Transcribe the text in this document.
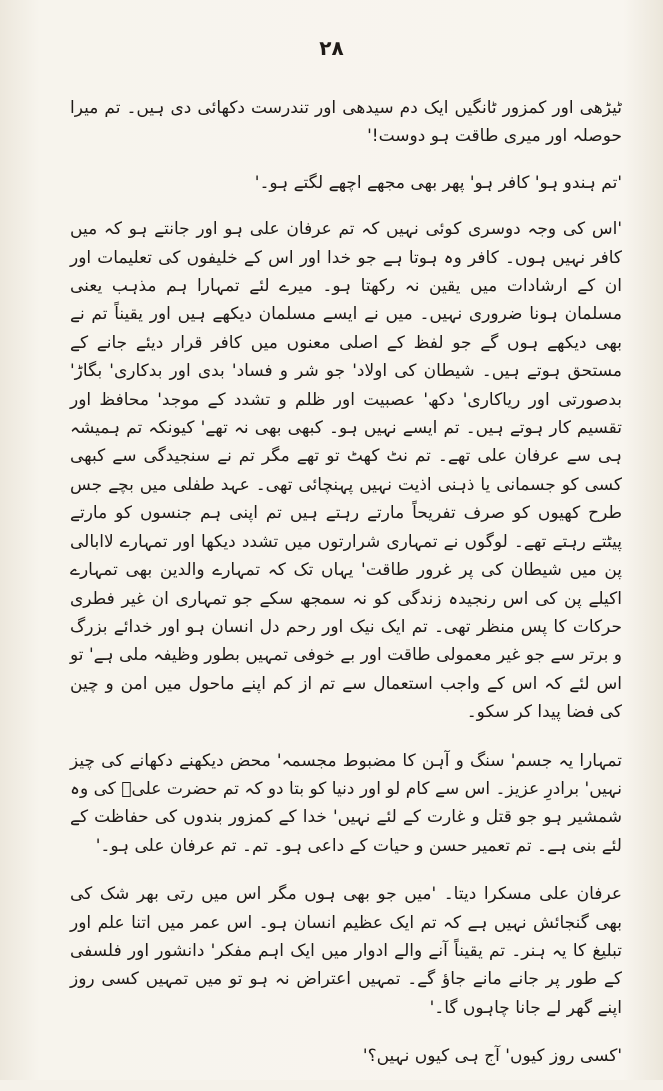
۲۸

ٹیڑھی اور کمزور ٹانگیں ایک دم سیدھی اور تندرست دکھائی دی ہیں۔ تم میرا حوصلہ اور میری طاقت ہو دوست!'

'تم ہندو ہو' کافر ہو' پھر بھی مجھے اچھے لگتے ہو۔'

'اس کی وجہ دوسری کوئی نہیں کہ تم عرفان علی ہو اور جانتے ہو کہ میں کافر نہیں ہوں۔ کافر وہ ہوتا ہے جو خدا اور اس کے خلیفوں کی تعلیمات اور ان کے ارشادات میں یقین نہ رکھتا ہو۔ میرے لئے تمہارا ہم مذہب یعنی مسلمان ہونا ضروری نہیں۔ میں نے ایسے مسلمان دیکھے ہیں اور یقیناً تم نے بھی دیکھے ہوں گے جو لفظ کے اصلی معنوں میں کافر قرار دیئے جانے کے مستحق ہوتے ہیں۔ شیطان کی اولاد' جو شر و فساد' بدی اور بدکاری' بگاڑ' بدصورتی اور ریاکاری' دکھ' عصبیت اور ظلم و تشدد کے موجد' محافظ اور تقسیم کار ہوتے ہیں۔ تم ایسے نہیں ہو۔ کبھی بھی نہ تھے' کیونکہ تم ہمیشہ ہی سے عرفان علی تھے۔ تم نٹ کھٹ تو تھے مگر تم نے سنجیدگی سے کبھی کسی کو جسمانی یا ذہنی اذیت نہیں پہنچائی تھی۔ عہد طفلی میں بچے جس طرح کھیوں کو صرف تفریحاً مارتے رہتے ہیں تم اپنی ہم جنسوں کو مارتے پیٹتے رہتے تھے۔ لوگوں نے تمہاری شرارتوں میں تشدد دیکھا اور تمہارے لاابالی پن میں شیطان کی پر غرور طاقت' یہاں تک کہ تمہارے والدین بھی تمہارے اکیلے پن کی اس رنجیدہ زندگی کو نہ سمجھ سکے جو تمہاری ان غیر فطری حرکات کا پس منظر تھی۔ تم ایک نیک اور رحم دل انسان ہو اور خدائے بزرگ و برتر سے جو غیر معمولی طاقت اور بے خوفی تمہیں بطور وظیفہ ملی ہے' تو اس لئے کہ اس کے واجب استعمال سے تم از کم اپنے ماحول میں امن و چین کی فضا پیدا کر سکو۔

تمہارا یہ جسم' سنگ و آہن کا مضبوط مجسمہ' محض دیکھنے دکھانے کی چیز نہیں' برادرِ عزیز۔ اس سے کام لو اور دنیا کو بتا دو کہ تم حضرت علیؓ کی وہ شمشیر ہو جو قتل و غارت کے لئے نہیں' خدا کے کمزور بندوں کی حفاظت کے لئے بنی ہے۔ تم تعمیر حسن و حیات کے داعی ہو۔ تم۔ تم عرفان علی ہو۔'

عرفان علی مسکرا دیتا۔ 'میں جو بھی ہوں مگر اس میں رتی بھر شک کی بھی گنجائش نہیں ہے کہ تم ایک عظیم انسان ہو۔ اس عمر میں اتنا علم اور تبلیغ کا یہ ہنر۔ تم یقیناً آنے والے ادوار میں ایک اہم مفکر' دانشور اور فلسفی کے طور پر جانے مانے جاؤ گے۔ تمہیں اعتراض نہ ہو تو میں تمہیں کسی روز اپنے گھر لے جانا چاہوں گا۔'

'کسی روز کیوں' آج ہی کیوں نہیں؟'
